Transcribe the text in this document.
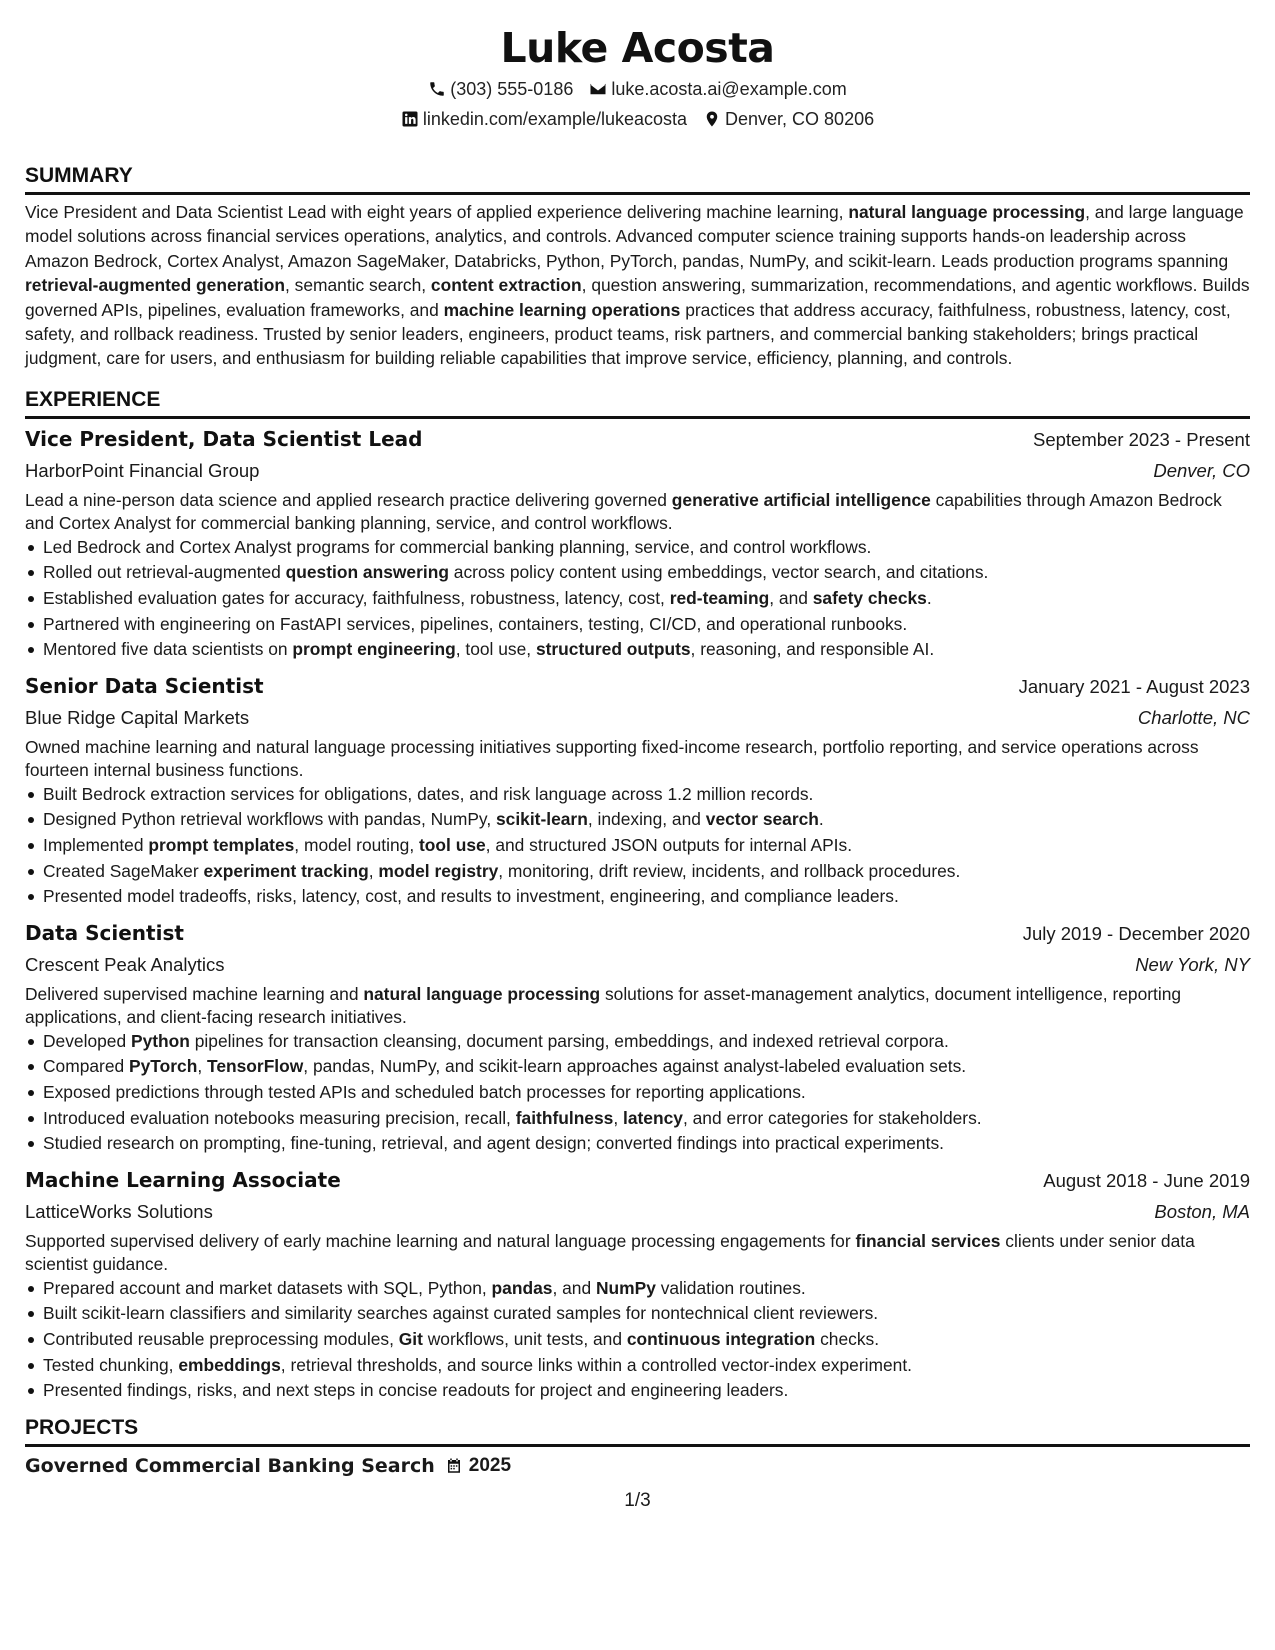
Luke Acosta
(303) 555-0186 luke.acosta.ai@example.com
linkedin.com/example/lukeacosta Denver, CO 80206
SUMMARY

Vice President and Data Scientist Lead with eight years of applied experience delivering machine learning, natural language processing, and large language model solutions across financial services operations, analytics, and controls. Advanced computer science training supports hands-on leadership across Amazon Bedrock, Cortex Analyst, Amazon SageMaker, Databricks, Python, PyTorch, pandas, NumPy, and scikit-learn. Leads production programs spanning retrieval-augmented generation, semantic search, content extraction, question answering, summarization, recommendations, and agentic workflows. Builds governed APIs, pipelines, evaluation frameworks, and machine learning operations practices that address accuracy, faithfulness, robustness, latency, cost, safety, and rollback readiness. Trusted by senior leaders, engineers, product teams, risk partners, and commercial banking stakeholders; brings practical judgment, care for users, and enthusiasm for building reliable capabilities that improve service, efficiency, planning, and controls.

EXPERIENCE
Vice President, Data Scientist Lead	September 2023 - Present
HarborPoint Financial Group	Denver, CO

Lead a nine-person data science and applied research practice delivering governed generative artificial intelligence capabilities through Amazon Bedrock and Cortex Analyst for commercial banking planning, service, and control workflows.

Led Bedrock and Cortex Analyst programs for commercial banking planning, service, and control workflows.
Rolled out retrieval-augmented question answering across policy content using embeddings, vector search, and citations.
Established evaluation gates for accuracy, faithfulness, robustness, latency, cost, red-teaming, and safety checks.
Partnered with engineering on FastAPI services, pipelines, containers, testing, CI/CD, and operational runbooks.
Mentored five data scientists on prompt engineering, tool use, structured outputs, reasoning, and responsible AI.
Senior Data Scientist	January 2021 - August 2023
Blue Ridge Capital Markets	Charlotte, NC

Owned machine learning and natural language processing initiatives supporting fixed-income research, portfolio reporting, and service operations across fourteen internal business functions.

Built Bedrock extraction services for obligations, dates, and risk language across 1.2 million records.
Designed Python retrieval workflows with pandas, NumPy, scikit-learn, indexing, and vector search.
Implemented prompt templates, model routing, tool use, and structured JSON outputs for internal APIs.
Created SageMaker experiment tracking, model registry, monitoring, drift review, incidents, and rollback procedures.
Presented model tradeoffs, risks, latency, cost, and results to investment, engineering, and compliance leaders.
Data Scientist	July 2019 - December 2020
Crescent Peak Analytics	New York, NY

Delivered supervised machine learning and natural language processing solutions for asset-management analytics, document intelligence, reporting applications, and client-facing research initiatives.

Developed Python pipelines for transaction cleansing, document parsing, embeddings, and indexed retrieval corpora.
Compared PyTorch, TensorFlow, pandas, NumPy, and scikit-learn approaches against analyst-labeled evaluation sets.
Exposed predictions through tested APIs and scheduled batch processes for reporting applications.
Introduced evaluation notebooks measuring precision, recall, faithfulness, latency, and error categories for stakeholders.
Studied research on prompting, fine-tuning, retrieval, and agent design; converted findings into practical experiments.
Machine Learning Associate	August 2018 - June 2019
LatticeWorks Solutions	Boston, MA

Supported supervised delivery of early machine learning and natural language processing engagements for financial services clients under senior data scientist guidance.

Prepared account and market datasets with SQL, Python, pandas, and NumPy validation routines.
Built scikit-learn classifiers and similarity searches against curated samples for nontechnical client reviewers.
Contributed reusable preprocessing modules, Git workflows, unit tests, and continuous integration checks.
Tested chunking, embeddings, retrieval thresholds, and source links within a controlled vector-index experiment.
Presented findings, risks, and next steps in concise readouts for project and engineering leaders.
PROJECTS
Governed Commercial Banking Search 2025
1/3
